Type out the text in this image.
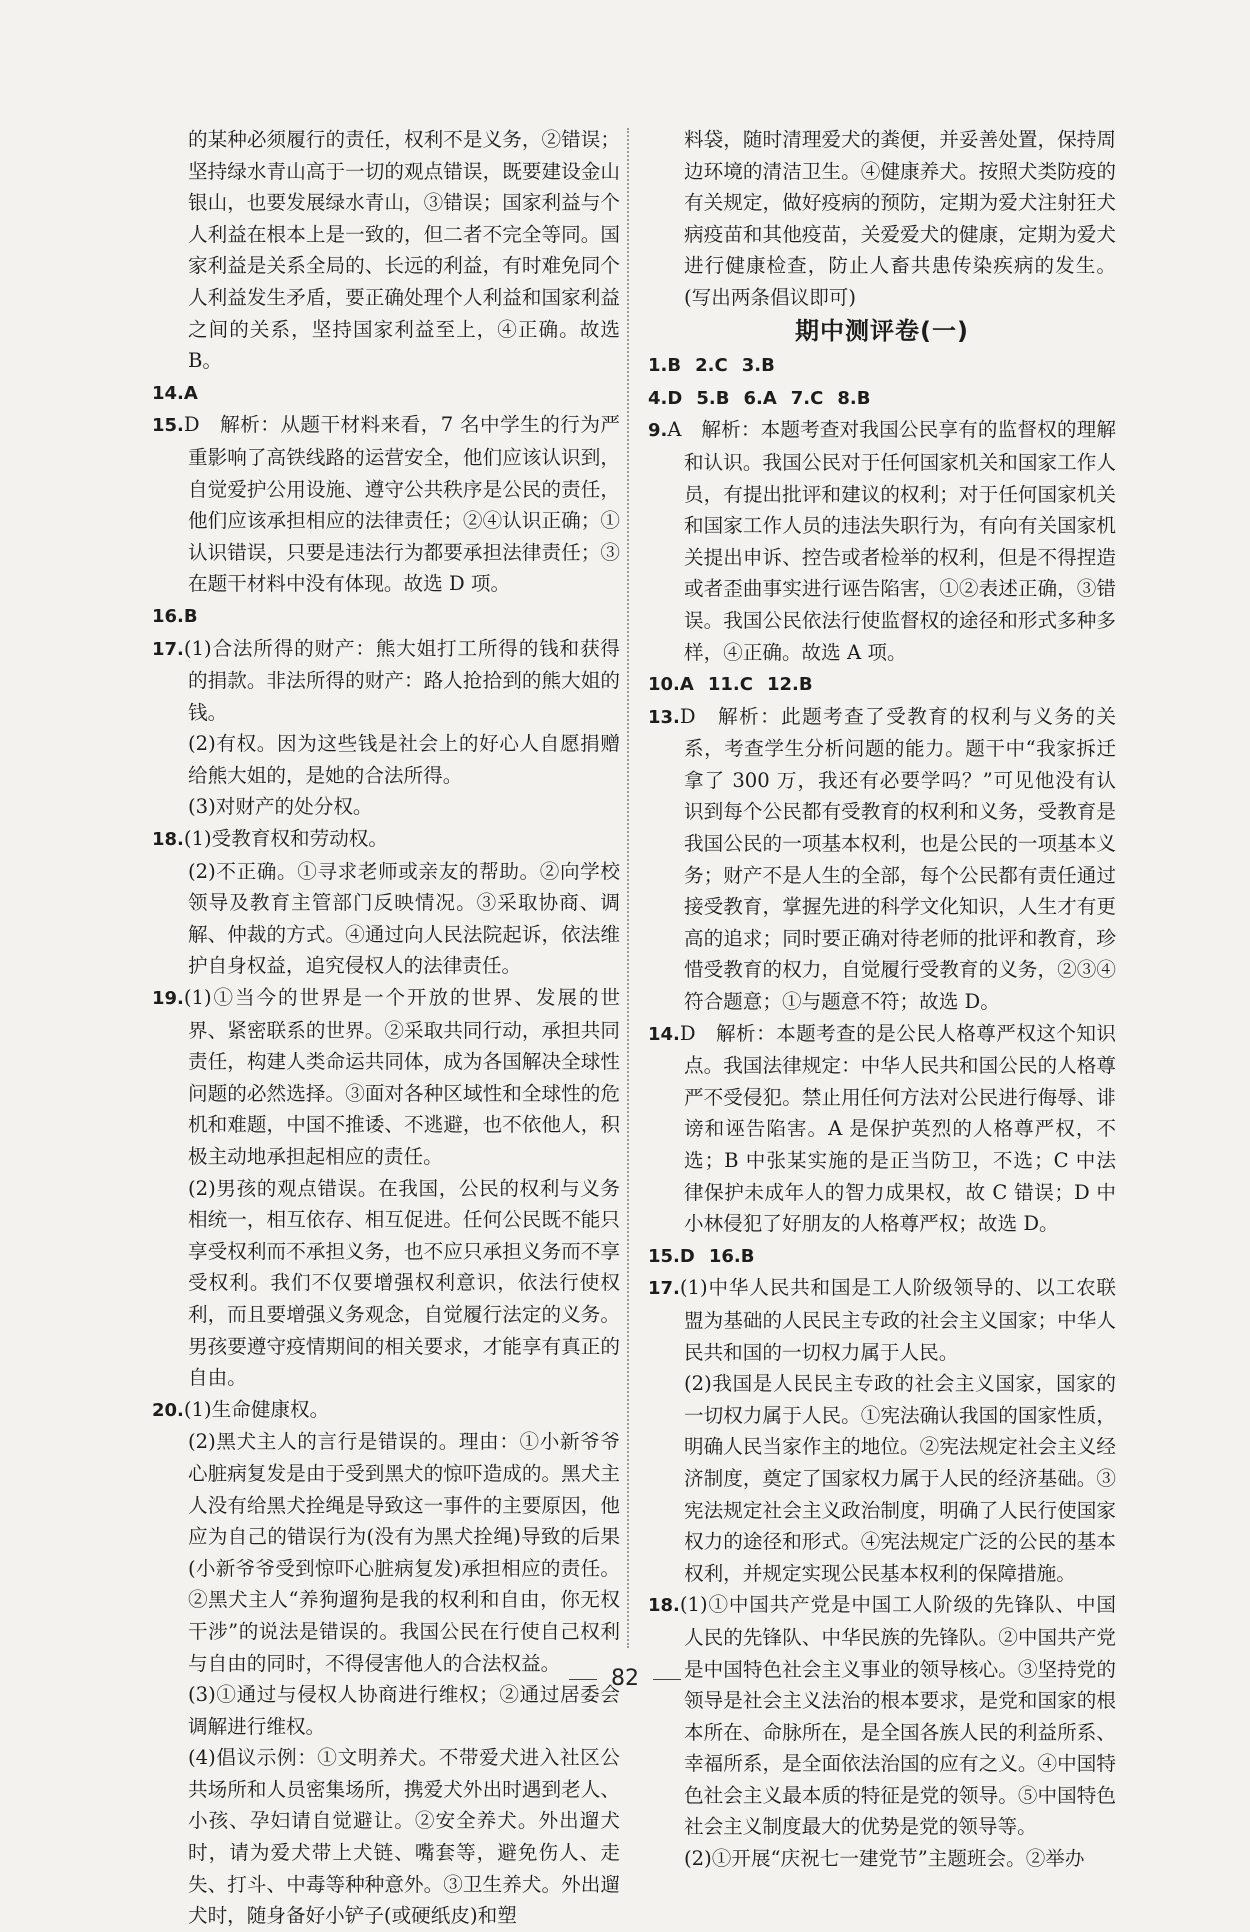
的某种必须履行的责任，权利不是义务，②错误；坚持绿水青山高于一切的观点错误，既要建设金山银山，也要发展绿水青山，③错误；国家利益与个人利益在根本上是一致的，但二者不完全等同。国家利益是关系全局的、长远的利益，有时难免同个人利益发生矛盾，要正确处理个人利益和国家利益之间的关系，坚持国家利益至上，④正确。故选 B。

14.A

15.D　解析：从题干材料来看，7 名中学生的行为严重影响了高铁线路的运营安全，他们应该认识到，自觉爱护公用设施、遵守公共秩序是公民的责任，他们应该承担相应的法律责任；②④认识正确；①认识错误，只要是违法行为都要承担法律责任；③在题干材料中没有体现。故选 D 项。

16.B

17.(1)合法所得的财产：熊大姐打工所得的钱和获得的捐款。非法所得的财产：路人抢拾到的熊大姐的钱。

(2)有权。因为这些钱是社会上的好心人自愿捐赠给熊大姐的，是她的合法所得。

(3)对财产的处分权。

18.(1)受教育权和劳动权。

(2)不正确。①寻求老师或亲友的帮助。②向学校领导及教育主管部门反映情况。③采取协商、调解、仲裁的方式。④通过向人民法院起诉，依法维护自身权益，追究侵权人的法律责任。

19.(1)①当今的世界是一个开放的世界、发展的世界、紧密联系的世界。②采取共同行动，承担共同责任，构建人类命运共同体，成为各国解决全球性问题的必然选择。③面对各种区域性和全球性的危机和难题，中国不推诿、不逃避，也不依他人，积极主动地承担起相应的责任。

(2)男孩的观点错误。在我国，公民的权利与义务相统一，相互依存、相互促进。任何公民既不能只享受权利而不承担义务，也不应只承担义务而不享受权利。我们不仅要增强权利意识，依法行使权利，而且要增强义务观念，自觉履行法定的义务。男孩要遵守疫情期间的相关要求，才能享有真正的自由。

20.(1)生命健康权。

(2)黑犬主人的言行是错误的。理由：①小新爷爷心脏病复发是由于受到黑犬的惊吓造成的。黑犬主人没有给黑犬拴绳是导致这一事件的主要原因，他应为自己的错误行为(没有为黑犬拴绳)导致的后果(小新爷爷受到惊吓心脏病复发)承担相应的责任。②黑犬主人“养狗遛狗是我的权利和自由，你无权干涉”的说法是错误的。我国公民在行使自己权利与自由的同时，不得侵害他人的合法权益。

(3)①通过与侵权人协商进行维权；②通过居委会调解进行维权。

(4)倡议示例：①文明养犬。不带爱犬进入社区公共场所和人员密集场所，携爱犬外出时遇到老人、小孩、孕妇请自觉避让。②安全养犬。外出遛犬时，请为爱犬带上犬链、嘴套等，避免伤人、走失、打斗、中毒等种种意外。③卫生养犬。外出遛犬时，随身备好小铲子(或硬纸皮)和塑

料袋，随时清理爱犬的粪便，并妥善处置，保持周边环境的清洁卫生。④健康养犬。按照犬类防疫的有关规定，做好疫病的预防，定期为爱犬注射狂犬病疫苗和其他疫苗，关爱爱犬的健康，定期为爱犬进行健康检查，防止人畜共患传染疾病的发生。(写出两条倡议即可)

期中测评卷(一)

1.B 2.C 3.B

4.D 5.B 6.A 7.C 8.B

9.A　解析：本题考查对我国公民享有的监督权的理解和认识。我国公民对于任何国家机关和国家工作人员，有提出批评和建议的权利；对于任何国家机关和国家工作人员的违法失职行为，有向有关国家机关提出申诉、控告或者检举的权利，但是不得捏造或者歪曲事实进行诬告陷害，①②表述正确，③错误。我国公民依法行使监督权的途径和形式多种多样，④正确。故选 A 项。

10.A 11.C 12.B

13.D　解析：此题考查了受教育的权利与义务的关系，考查学生分析问题的能力。题干中“我家拆迁拿了 300 万，我还有必要学吗？”可见他没有认识到每个公民都有受教育的权利和义务，受教育是我国公民的一项基本权利，也是公民的一项基本义务；财产不是人生的全部，每个公民都有责任通过接受教育，掌握先进的科学文化知识，人生才有更高的追求；同时要正确对待老师的批评和教育，珍惜受教育的权力，自觉履行受教育的义务，②③④符合题意；①与题意不符；故选 D。

14.D　解析：本题考查的是公民人格尊严权这个知识点。我国法律规定：中华人民共和国公民的人格尊严不受侵犯。禁止用任何方法对公民进行侮辱、诽谤和诬告陷害。A 是保护英烈的人格尊严权，不选；B 中张某实施的是正当防卫，不选；C 中法律保护未成年人的智力成果权，故 C 错误；D 中小林侵犯了好朋友的人格尊严权；故选 D。

15.D 16.B

17.(1)中华人民共和国是工人阶级领导的、以工农联盟为基础的人民民主专政的社会主义国家；中华人民共和国的一切权力属于人民。

(2)我国是人民民主专政的社会主义国家，国家的一切权力属于人民。①宪法确认我国的国家性质，明确人民当家作主的地位。②宪法规定社会主义经济制度，奠定了国家权力属于人民的经济基础。③宪法规定社会主义政治制度，明确了人民行使国家权力的途径和形式。④宪法规定广泛的公民的基本权利，并规定实现公民基本权利的保障措施。

18.(1)①中国共产党是中国工人阶级的先锋队、中国人民的先锋队、中华民族的先锋队。②中国共产党是中国特色社会主义事业的领导核心。③坚持党的领导是社会主义法治的根本要求，是党和国家的根本所在、命脉所在，是全国各族人民的利益所系、幸福所系，是全面依法治国的应有之义。④中国特色社会主义最本质的特征是党的领导。⑤中国特色社会主义制度最大的优势是党的领导等。

(2)①开展“庆祝七一建党节”主题班会。②举办

82
